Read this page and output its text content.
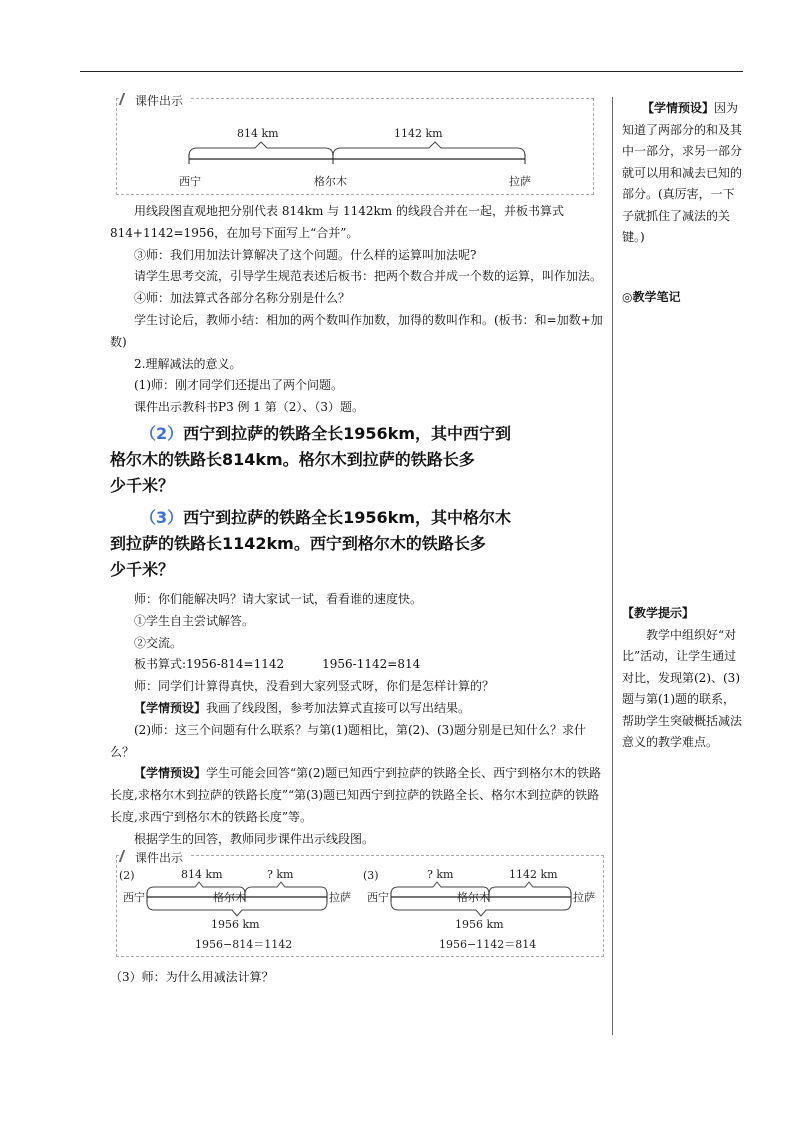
课件出示
814 km	1142 km
西宁	格尔木	拉萨

用线段图直观地把分别代表 814km 与 1142km 的线段合并在一起，并板书算式 814+1142=1956，在加号下面写上“合并”。

③师：我们用加法计算解决了这个问题。什么样的运算叫加法呢?

请学生思考交流，引导学生规范表述后板书：把两个数合并成一个数的运算，叫作加法。

④师：加法算式各部分名称分别是什么？

学生讨论后，教师小结：相加的两个数叫作加数，加得的数叫作和。(板书：和=加数+加数)

2.理解减法的意义。

(1)师：刚才同学们还提出了两个问题。

课件出示教科书P3 例 1 第（2）、（3）题。

（2）西宁到拉萨的铁路全长1956km，其中西宁到
格尔木的铁路长814km。格尔木到拉萨的铁路长多
少千米？
（3）西宁到拉萨的铁路全长1956km，其中格尔木
到拉萨的铁路长1142km。西宁到格尔木的铁路长多
少千米？

师：你们能解决吗？请大家试一试，看看谁的速度快。

①学生自主尝试解答。

②交流。

板书算式:1956-814=1142	1956-1142=814

师：同学们计算得真快，没看到大家列竖式呀，你们是怎样计算的？

【学情预设】我画了线段图，参考加法算式直接可以写出结果。

(2)师：这三个问题有什么联系？与第(1)题相比，第(2)、(3)题分别是已知什么？求什么？

【学情预设】学生可能会回答“第(2)题已知西宁到拉萨的铁路全长、西宁到格尔木的铁路长度,求格尔木到拉萨的铁路长度”“第(3)题已知西宁到拉萨的铁路全长、格尔木到拉萨的铁路长度,求西宁到格尔木的铁路长度”等。

根据学生的回答，教师同步课件出示线段图。

课件出示
(2)	814 km	? km
西宁	格尔木	拉萨
1956 km
1956−814＝1142
(3)	? km	1142 km
西宁	格尔木	拉萨
1956 km
1956−1142＝814

（3）师：为什么用减法计算？

【学情预设】因为知道了两部分的和及其中一部分，求另一部分就可以用和减去已知的部分。(真厉害，一下子就抓住了减法的关键。)

◎教学笔记

【教学提示】

教学中组织好“对比”活动，让学生通过对比，发现第(2)、(3)题与第(1)题的联系，帮助学生突破概括减法意义的教学难点。
